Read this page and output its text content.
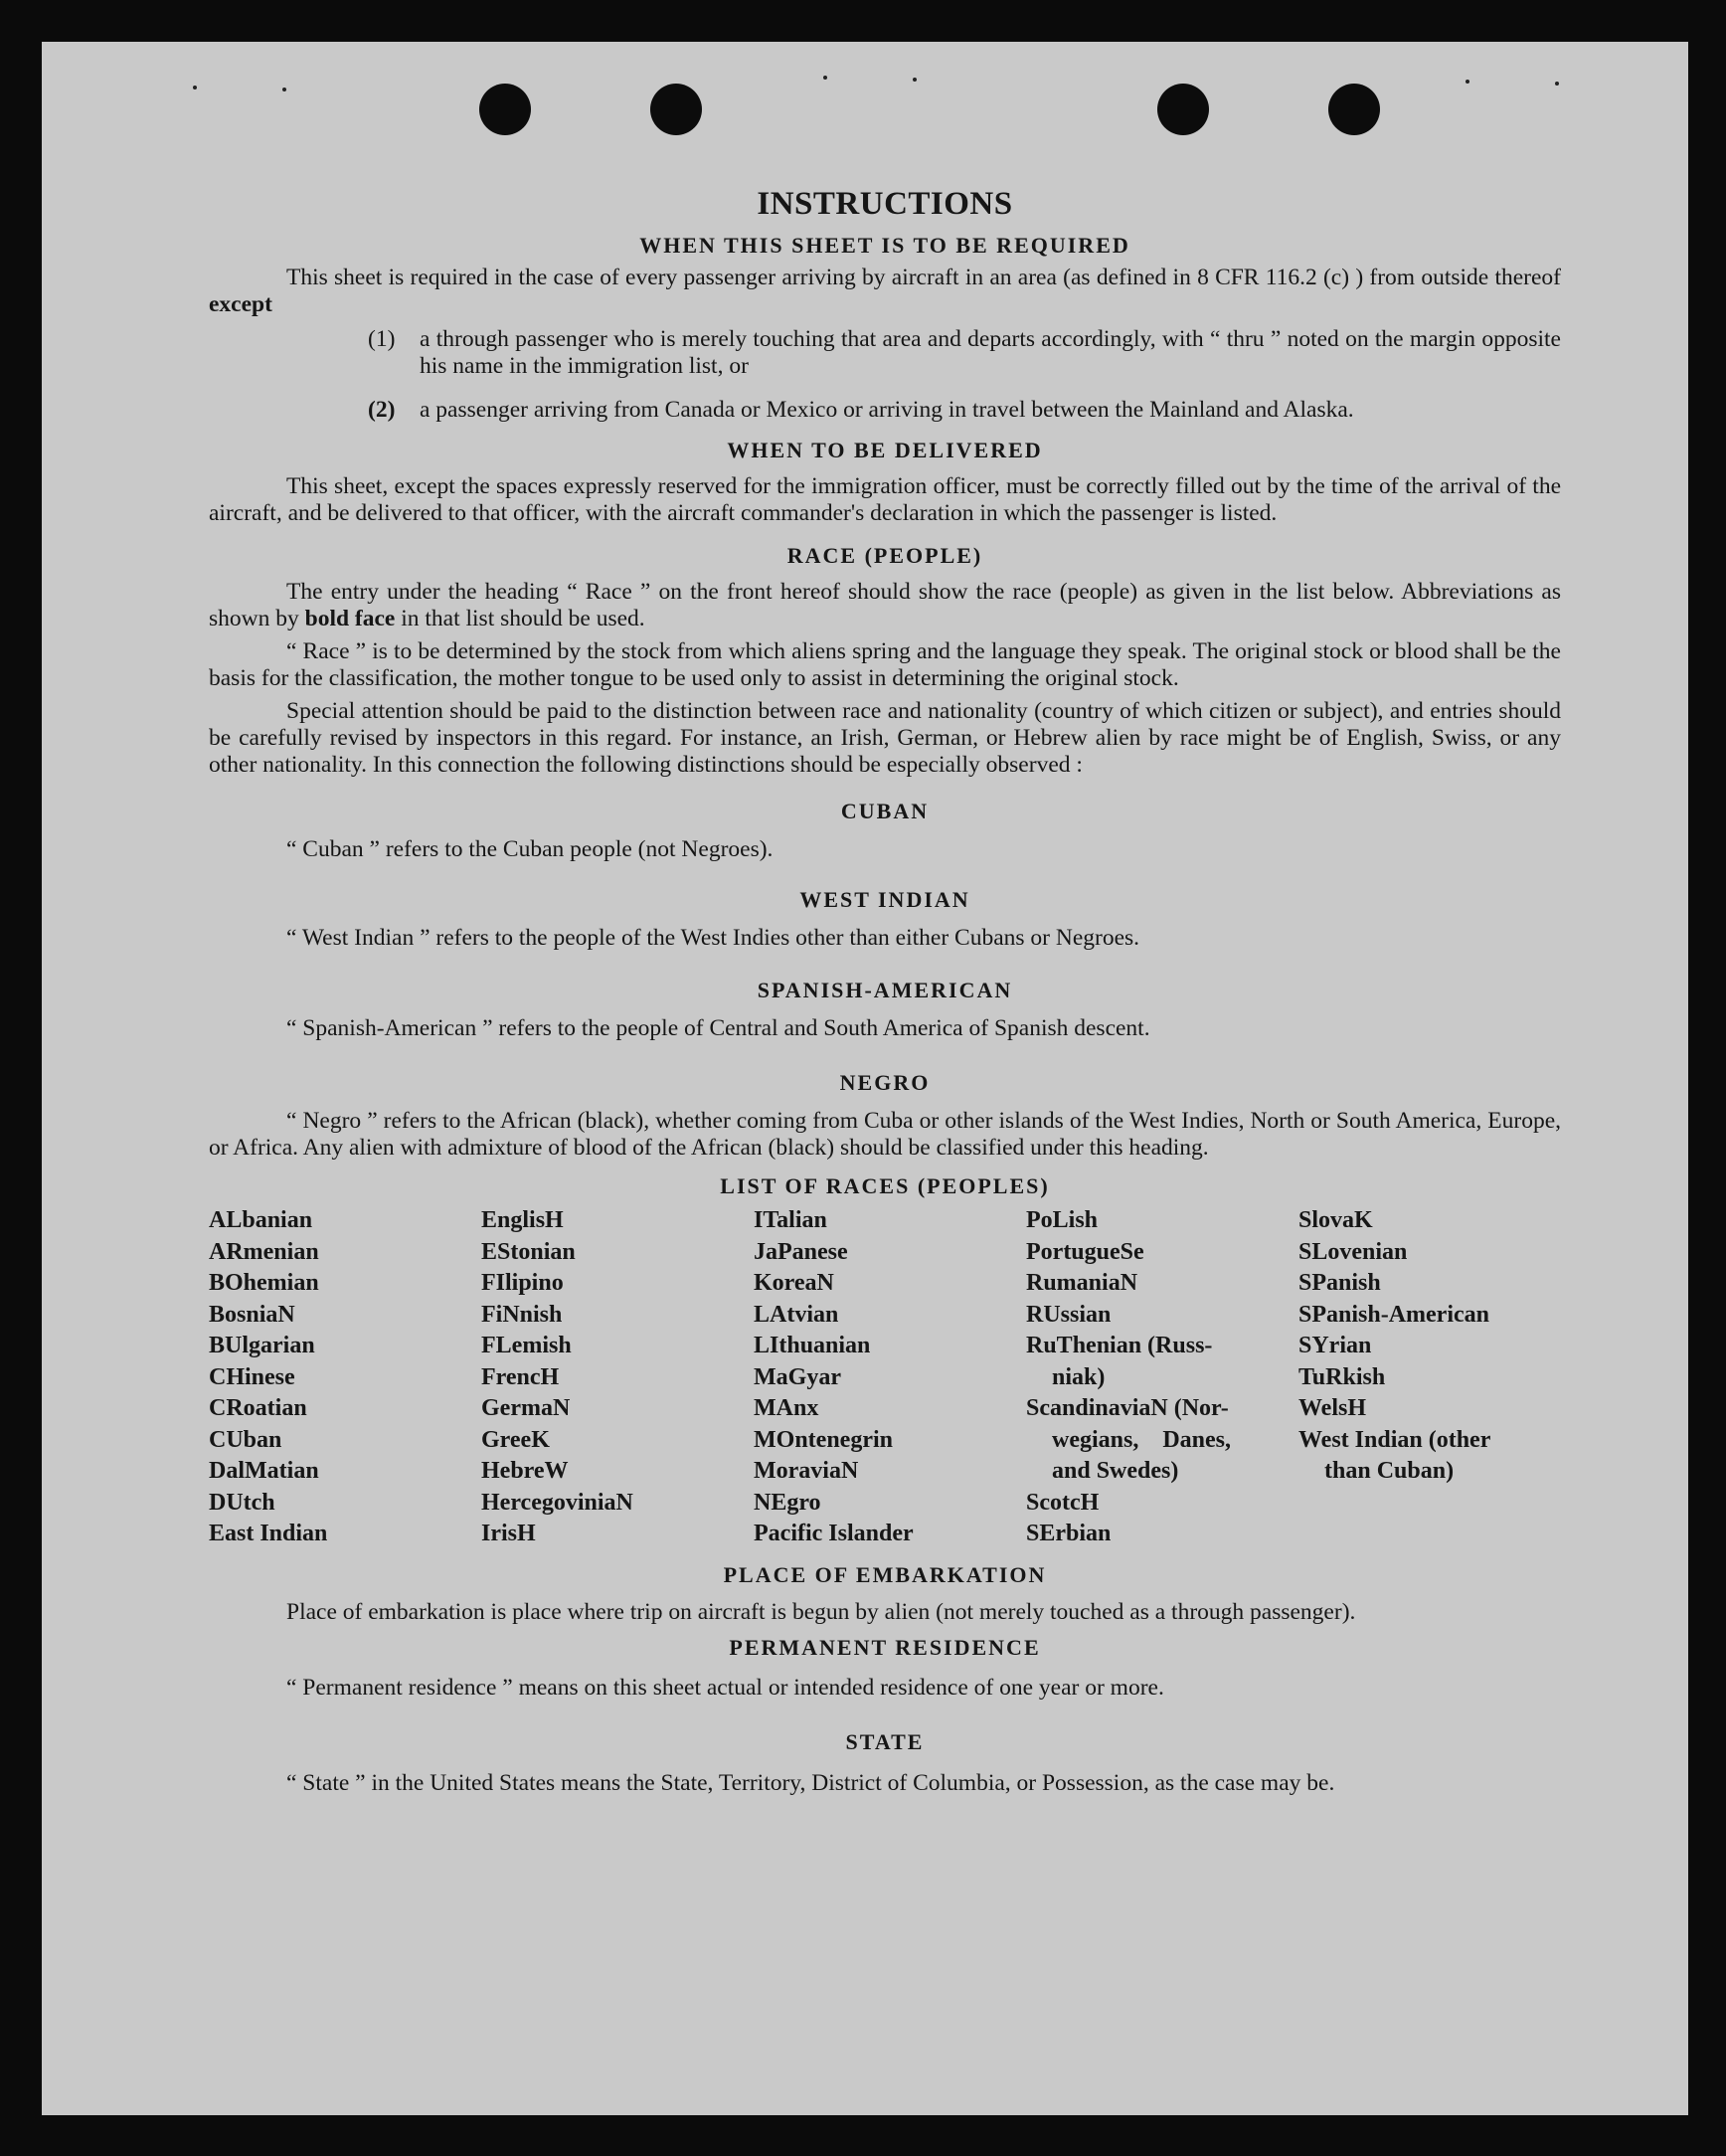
INSTRUCTIONS
WHEN THIS SHEET IS TO BE REQUIRED

This sheet is required in the case of every passenger arriving by aircraft in an area (as defined in 8 CFR 116.2 (c) ) from outside thereof except

(1)	a through passenger who is merely touching that area and departs accordingly, with “ thru ” noted on the margin opposite his name in the immigration list, or
(2)	a passenger arriving from Canada or Mexico or arriving in travel between the Mainland and Alaska.
WHEN TO BE DELIVERED

This sheet, except the spaces expressly reserved for the immigration officer, must be correctly filled out by the time of the arrival of the aircraft, and be delivered to that officer, with the aircraft commander's declaration in which the passenger is listed.

RACE (PEOPLE)

The entry under the heading “ Race ” on the front hereof should show the race (people) as given in the list below. Abbreviations as shown by bold face in that list should be used.

“ Race ” is to be determined by the stock from which aliens spring and the language they speak. The original stock or blood shall be the basis for the classification, the mother tongue to be used only to assist in determining the original stock.

Special attention should be paid to the distinction between race and nationality (country of which citizen or subject), and entries should be carefully revised by inspectors in this regard. For instance, an Irish, German, or Hebrew alien by race might be of English, Swiss, or any other nationality. In this connection the following distinctions should be especially observed :

CUBAN

“ Cuban ” refers to the Cuban people (not Negroes).

WEST INDIAN

“ West Indian ” refers to the people of the West Indies other than either Cubans or Negroes.

SPANISH-AMERICAN

“ Spanish-American ” refers to the people of Central and South America of Spanish descent.

NEGRO

“ Negro ” refers to the African (black), whether coming from Cuba or other islands of the West Indies, North or South America, Europe, or Africa. Any alien with admixture of blood of the African (black) should be classified under this heading.

LIST OF RACES (PEOPLES)
ALbanian
ARmenian
BOhemian
BosniaN
BUlgarian
CHinese
CRoatian
CUban
DalMatian
DUtch
East Indian
EnglisH
EStonian
FIlipino
FiNnish
FLemish
FrencH
GermaN
GreeK
HebreW
HercegoviniaN
IrisH
ITalian
JaPanese
KoreaN
LAtvian
LIthuanian
MaGyar
MAnx
MOntenegrin
MoraviaN
NEgro
Pacific Islander
PoLish
PortugueSe
RumaniaN
RUssian
RuThenian (Russ-
niak)
ScandinaviaN (Nor-
wegians,    Danes,
and Swedes)
ScotcH
SErbian
SlovaK
SLovenian
SPanish
SPanish-American
SYrian
TuRkish
WelsH
West Indian (other
than Cuban)
PLACE OF EMBARKATION

Place of embarkation is place where trip on aircraft is begun by alien (not merely touched as a through passenger).

PERMANENT RESIDENCE

“ Permanent residence ” means on this sheet actual or intended residence of one year or more.

STATE

“ State ” in the United States means the State, Territory, District of Columbia, or Possession, as the case may be.
